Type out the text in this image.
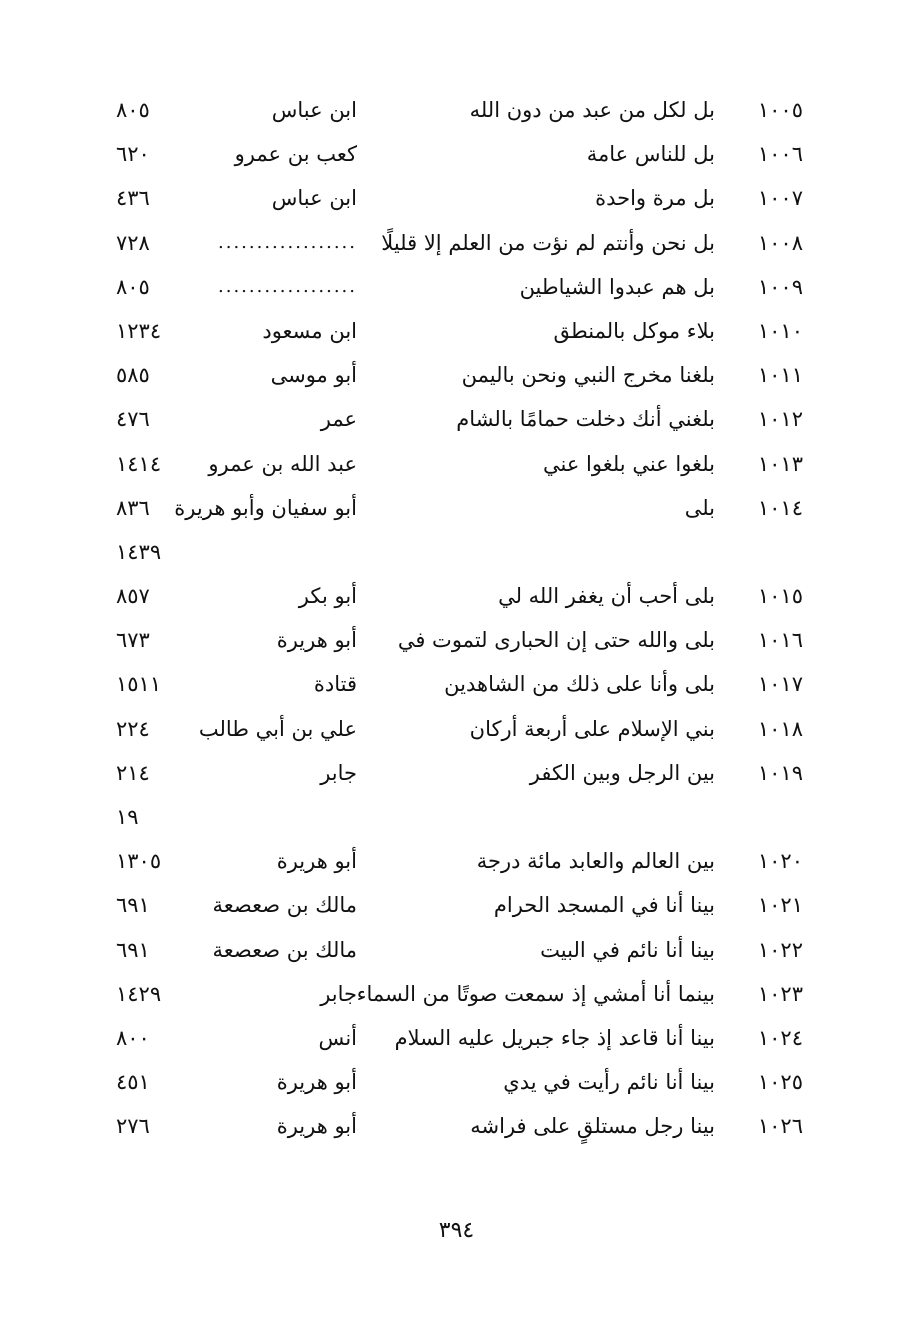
١٠٠٥
بل لكل من عبد من دون الله
ابن عباس
٨٠٥
١٠٠٦
بل للناس عامة
كعب بن عمرو
٦٢٠
١٠٠٧
بل مرة واحدة
ابن عباس
٤٣٦
١٠٠٨
بل نحن وأنتم لم نؤت من العلم إلا قليلًا
..................
٧٢٨
١٠٠٩
بل هم عبدوا الشياطين
..................
٨٠٥
١٠١٠
بلاء موكل بالمنطق
ابن مسعود
١٢٣٤
١٠١١
بلغنا مخرج النبي ونحن باليمن
أبو موسى
٥٨٥
١٠١٢
بلغني أنك دخلت حمامًا بالشام
عمر
٤٧٦
١٠١٣
بلغوا عني بلغوا عني
عبد الله بن عمرو
١٤١٤
١٠١٤
بلى
أبو سفيان وأبو هريرة
٨٣٦
١٤٣٩
١٠١٥
بلى أحب أن يغفر الله لي
أبو بكر
٨٥٧
١٠١٦
بلى والله حتى إن الحبارى لتموت في
أبو هريرة
٦٧٣
١٠١٧
بلى وأنا على ذلك من الشاهدين
قتادة
١٥١١
١٠١٨
بني الإسلام على أربعة أركان
علي بن أبي طالب
٢٢٤
١٠١٩
بين الرجل وبين الكفر
جابر
٢١٤
١٩
١٠٢٠
بين العالم والعابد مائة درجة
أبو هريرة
١٣٠٥
١٠٢١
بينا أنا في المسجد الحرام
مالك بن صعصعة
٦٩١
١٠٢٢
بينا أنا نائم في البيت
مالك بن صعصعة
٦٩١
١٠٢٣
بينما أنا أمشي إذ سمعت صوتًا من السماء
جابر
١٤٢٩
١٠٢٤
بينا أنا قاعد إذ جاء جبريل عليه السلام
أنس
٨٠٠
١٠٢٥
بينا أنا نائم رأيت في يدي
أبو هريرة
٤٥١
١٠٢٦
بينا رجل مستلقٍ على فراشه
أبو هريرة
٢٧٦
٣٩٤
